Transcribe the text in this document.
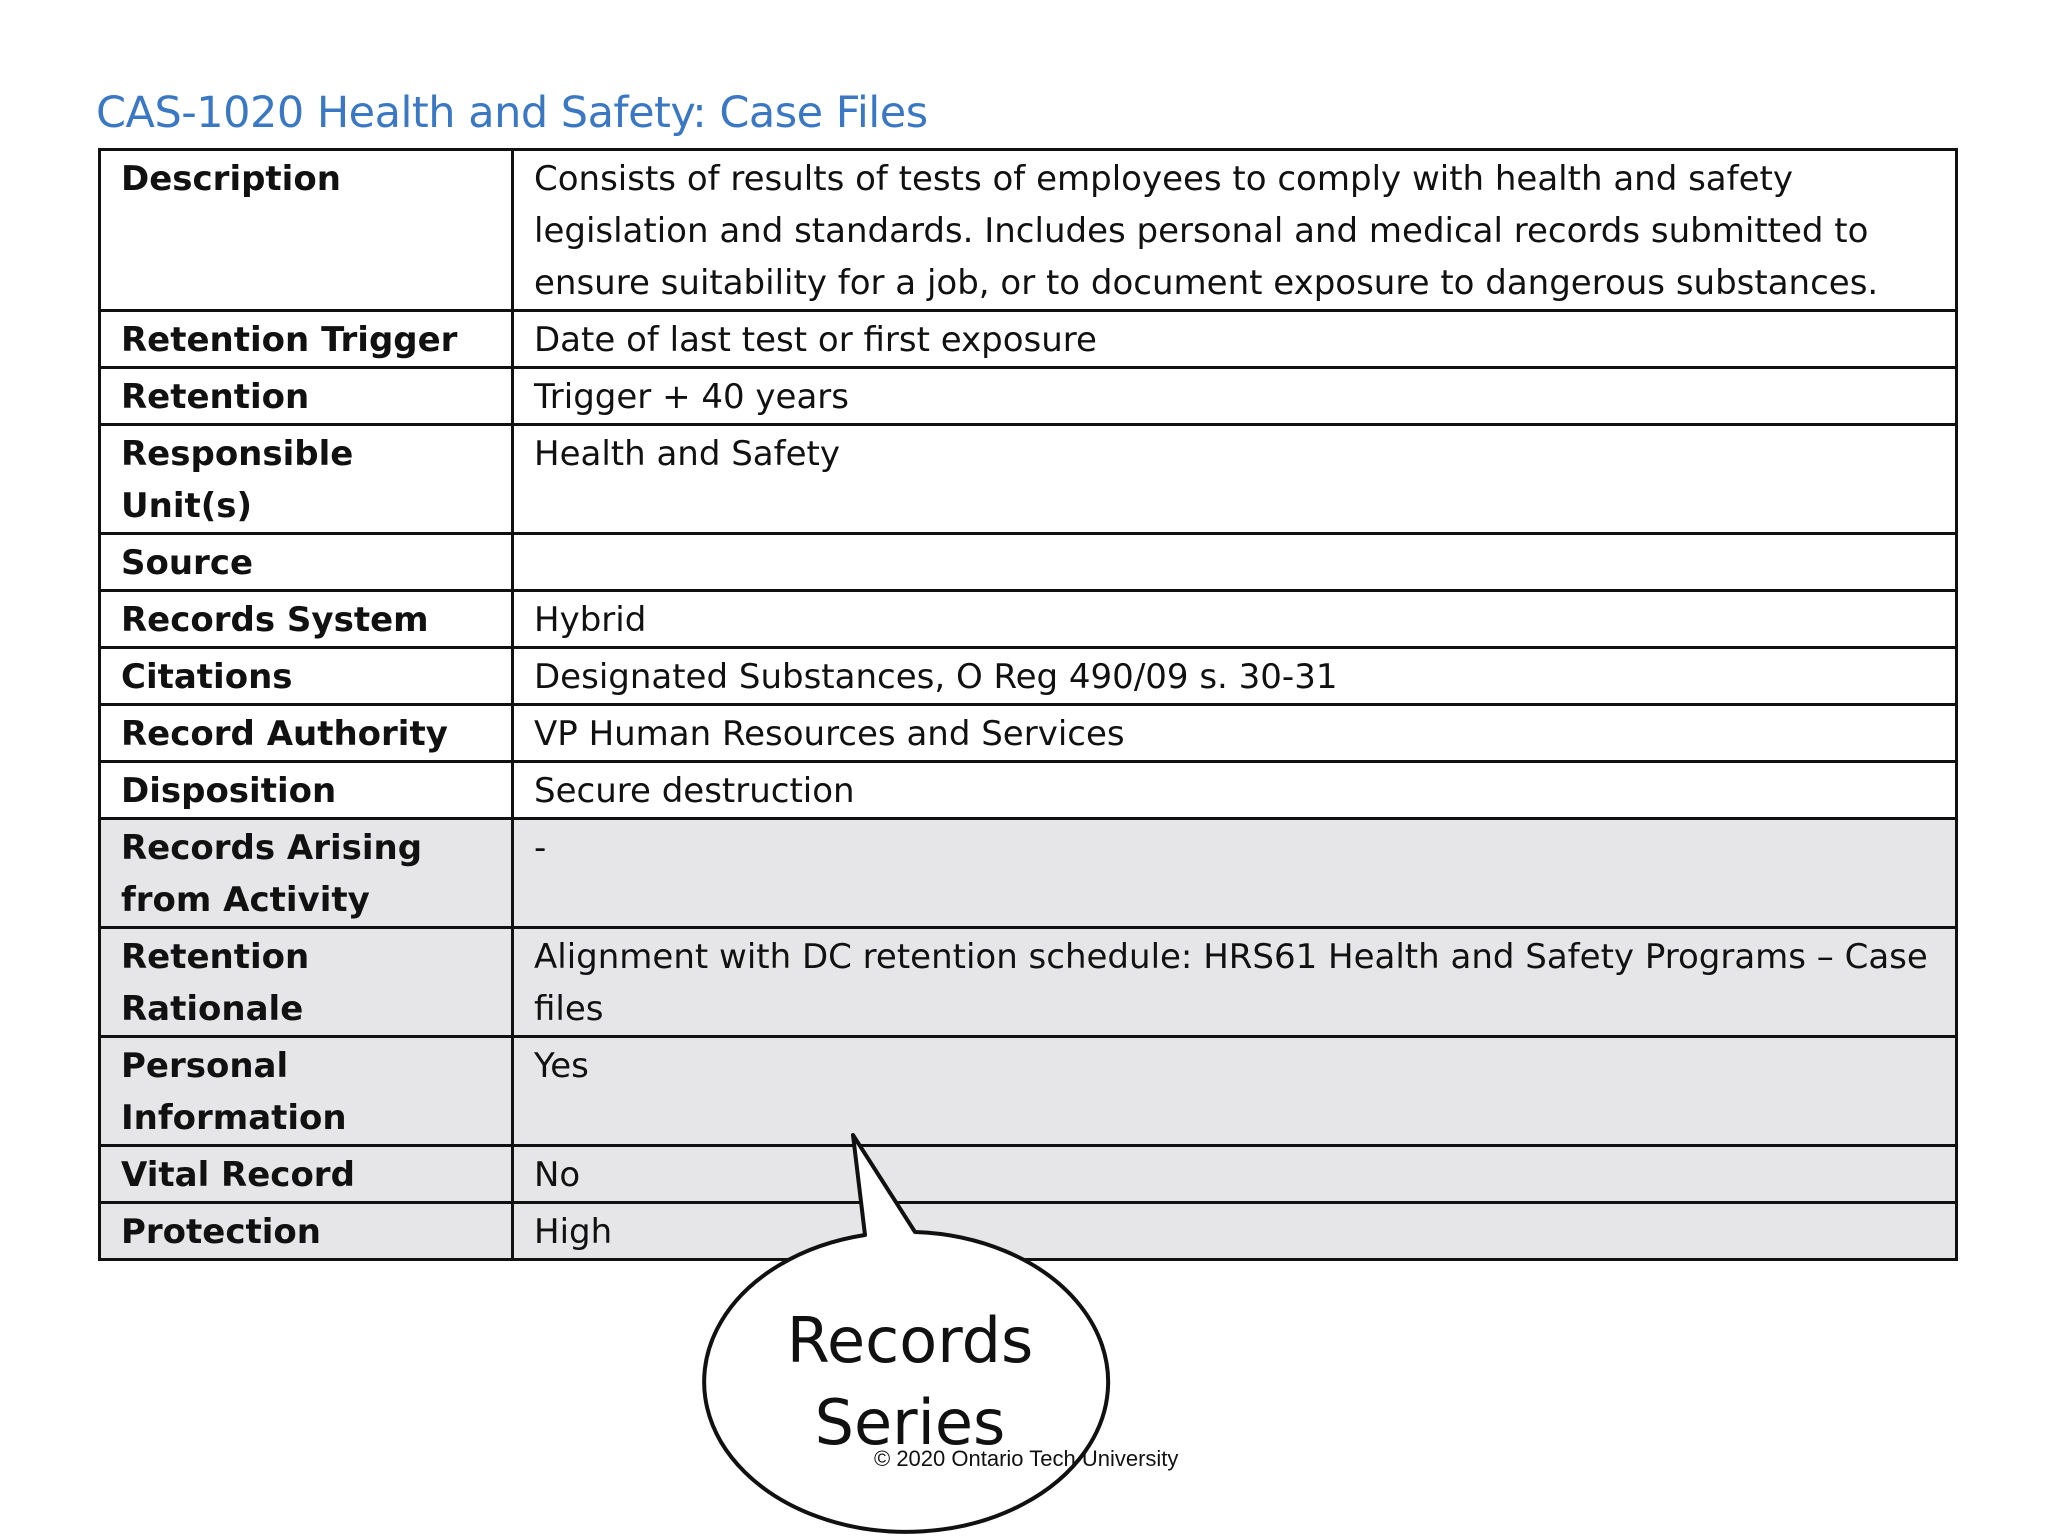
CAS-1020 Health and Safety: Case Files
Description	Consists of results of tests of employees to comply with health and safety legislation and standards. Includes personal and medical records submitted to ensure suitability for a job, or to document exposure to dangerous substances.
Retention Trigger	Date of last test or first exposure
Retention	Trigger + 40 years
Responsible Unit(s)	Health and Safety
Source	
Records System	Hybrid
Citations	Designated Substances, O Reg 490/09 s. 30-31
Record Authority	VP Human Resources and Services
Disposition	Secure destruction
Records Arising from Activity	-
Retention Rationale	Alignment with DC retention schedule: HRS61 Health and Safety Programs – Case files
Personal Information	Yes
Vital Record	No
Protection	High
Records
Series
© 2020 Ontario Tech University
